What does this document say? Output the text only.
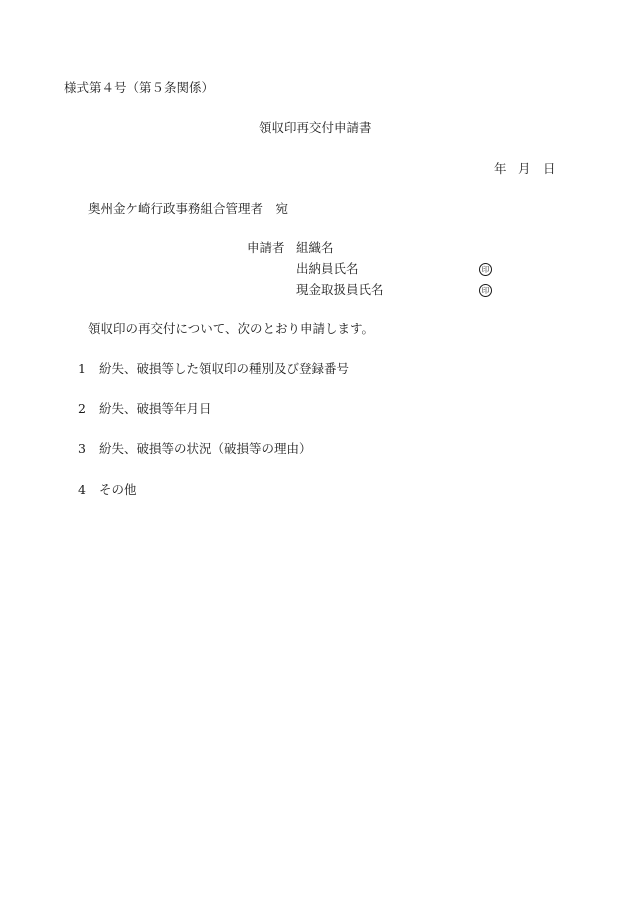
様式第４号（第５条関係）
領収印再交付申請書
年 月 日
奥州金ケ崎行政事務組合管理者　宛
申請者 組織名
出納員氏名	印
現金取扱員氏名	印
領収印の再交付について、次のとおり申請します。
1 紛失、破損等した領収印の種別及び登録番号
2 紛失、破損等年月日
3 紛失、破損等の状況（破損等の理由）
4 その他
